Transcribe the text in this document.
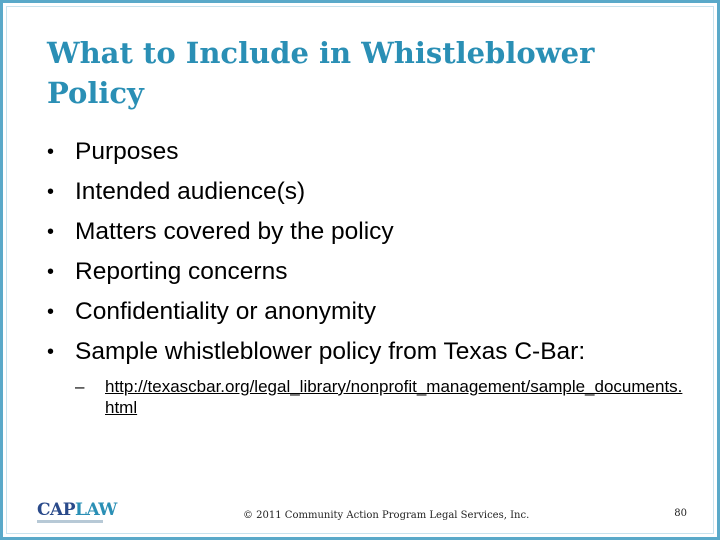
What to Include in Whistleblower Policy
• Purposes
• Intended audience(s)
• Matters covered by the policy
• Reporting concerns
• Confidentiality or anonymity
• Sample whistleblower policy from Texas C-Bar:
– http://texascbar.org/legal_library/nonprofit_management/sample_documents.html
CAPLAW	© 2011 Community Action Program Legal Services, Inc.	80
